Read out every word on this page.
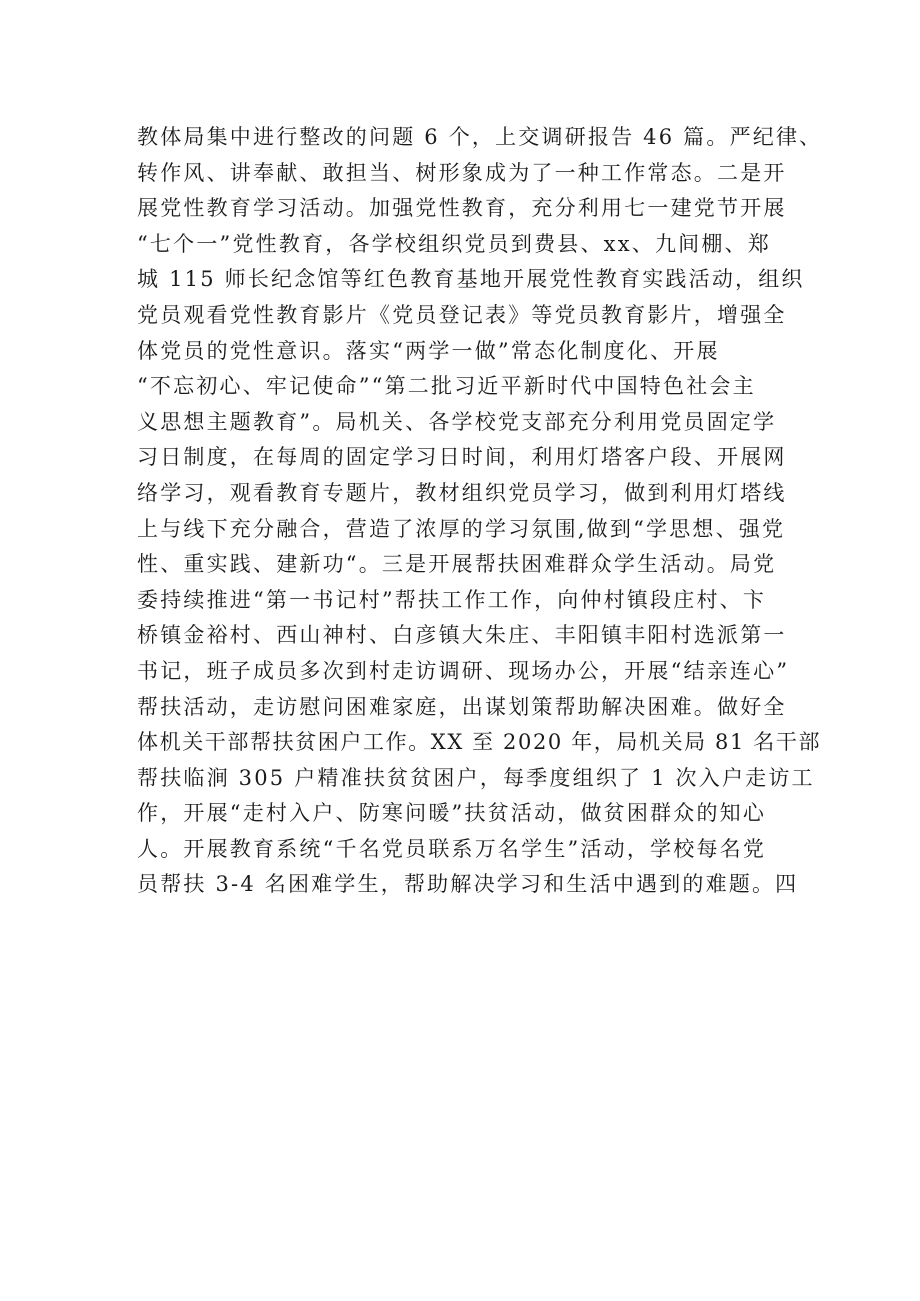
教体局集中进行整改的问题 6 个，上交调研报告 46 篇。严纪律、
转作风、讲奉献、敢担当、树形象成为了一种工作常态。二是开
展党性教育学习活动。加强党性教育，充分利用七一建党节开展
“七个一”党性教育，各学校组织党员到费县、xx、九间棚、郑
城 115 师长纪念馆等红色教育基地开展党性教育实践活动，组织
党员观看党性教育影片《党员登记表》等党员教育影片，增强全
体党员的党性意识。落实“两学一做”常态化制度化、开展
“不忘初心、牢记使命”“第二批习近平新时代中国特色社会主
义思想主题教育”。局机关、各学校党支部充分利用党员固定学
习日制度，在每周的固定学习日时间，利用灯塔客户段、开展网
络学习，观看教育专题片，教材组织党员学习，做到利用灯塔线
上与线下充分融合，营造了浓厚的学习氛围,做到“学思想、强党
性、重实践、建新功“。三是开展帮扶困难群众学生活动。局党
委持续推进“第一书记村”帮扶工作工作，向仲村镇段庄村、卞
桥镇金裕村、西山神村、白彦镇大朱庄、丰阳镇丰阳村选派第一
书记，班子成员多次到村走访调研、现场办公，开展“结亲连心”
帮扶活动，走访慰问困难家庭，出谋划策帮助解决困难。做好全
体机关干部帮扶贫困户工作。XX 至 2020 年，局机关局 81 名干部
帮扶临涧 305 户精准扶贫贫困户，每季度组织了 1 次入户走访工
作，开展“走村入户、防寒问暖”扶贫活动，做贫困群众的知心
人。开展教育系统“千名党员联系万名学生”活动，学校每名党
员帮扶 3-4 名困难学生，帮助解决学习和生活中遇到的难题。四
